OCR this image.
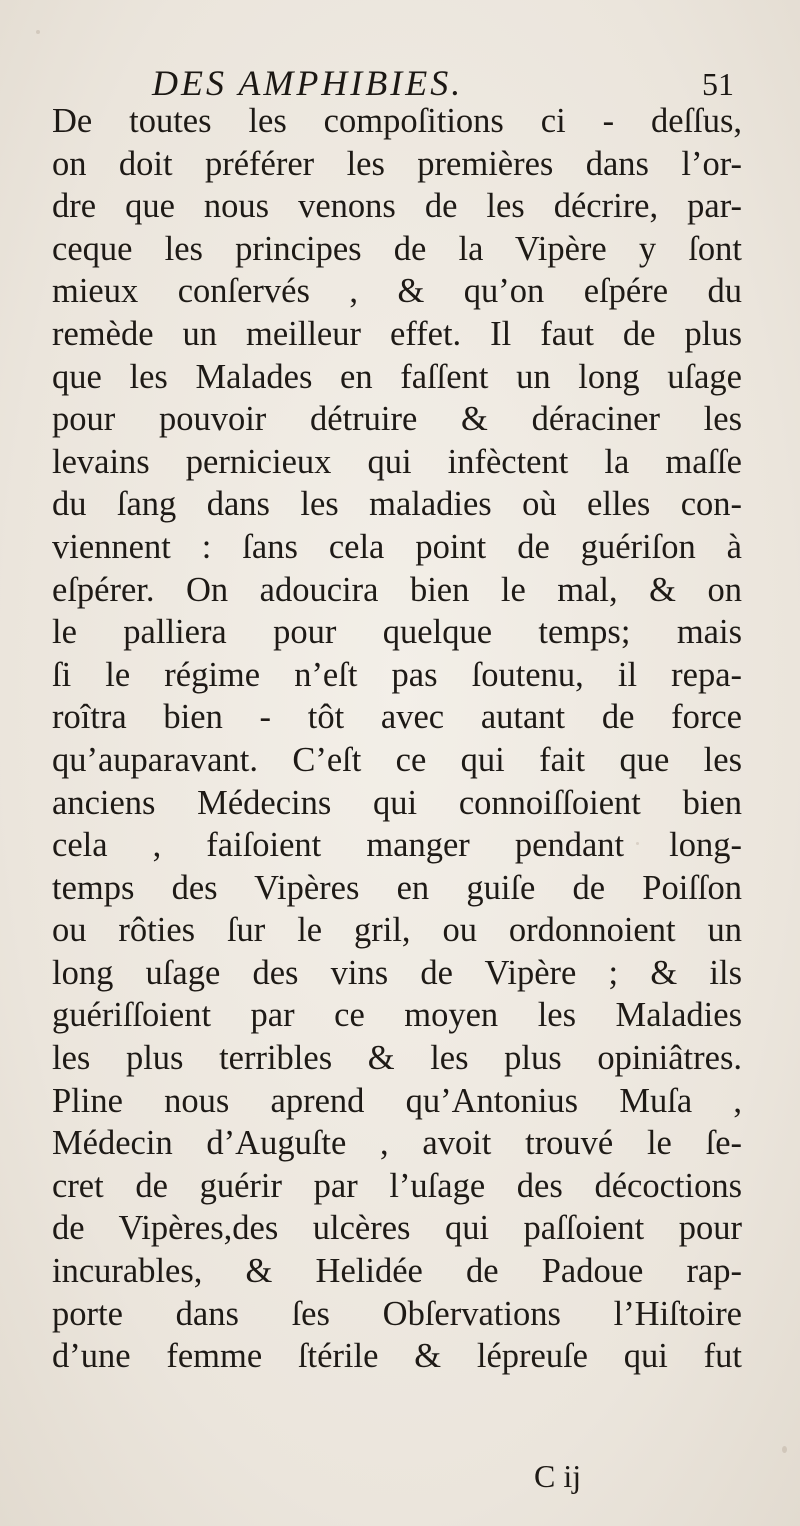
DES AMPHIBIES.	51
De toutes les compoſitions ci - deſſus,
on doit préférer les premières dans l’or-
dre que nous venons de les décrire, par-
ceque les principes de la Vipère y ſont
mieux conſervés , & qu’on eſpére du
remède un meilleur effet. Il faut de plus
que les Malades en faſſent un long uſage
pour pouvoir détruire & déraciner les
levains pernicieux qui infèctent la maſſe
du ſang dans les maladies où elles con-
viennent : ſans cela point de guériſon à
eſpérer. On adoucira bien le mal, & on
le palliera pour quelque temps; mais
ſi le régime n’eſt pas ſoutenu, il repa-
roîtra bien - tôt avec autant de force
qu’auparavant. C’eſt ce qui fait que les
anciens Médecins qui connoiſſoient bien
cela , faiſoient manger pendant long-
temps des Vipères en guiſe de Poiſſon
ou rôties ſur le gril, ou ordonnoient un
long uſage des vins de Vipère ; & ils
guériſſoient par ce moyen les Maladies
les plus terribles & les plus opiniâtres.
Pline nous aprend qu’Antonius Muſa ,
Médecin d’Auguſte , avoit trouvé le ſe-
cret de guérir par l’uſage des décoctions
de Vipères,des ulcères qui paſſoient pour
incurables, & Helidée de Padoue rap-
porte dans ſes Obſervations l’Hiſtoire
d’une femme ſtérile & lépreuſe qui fut
C ij
